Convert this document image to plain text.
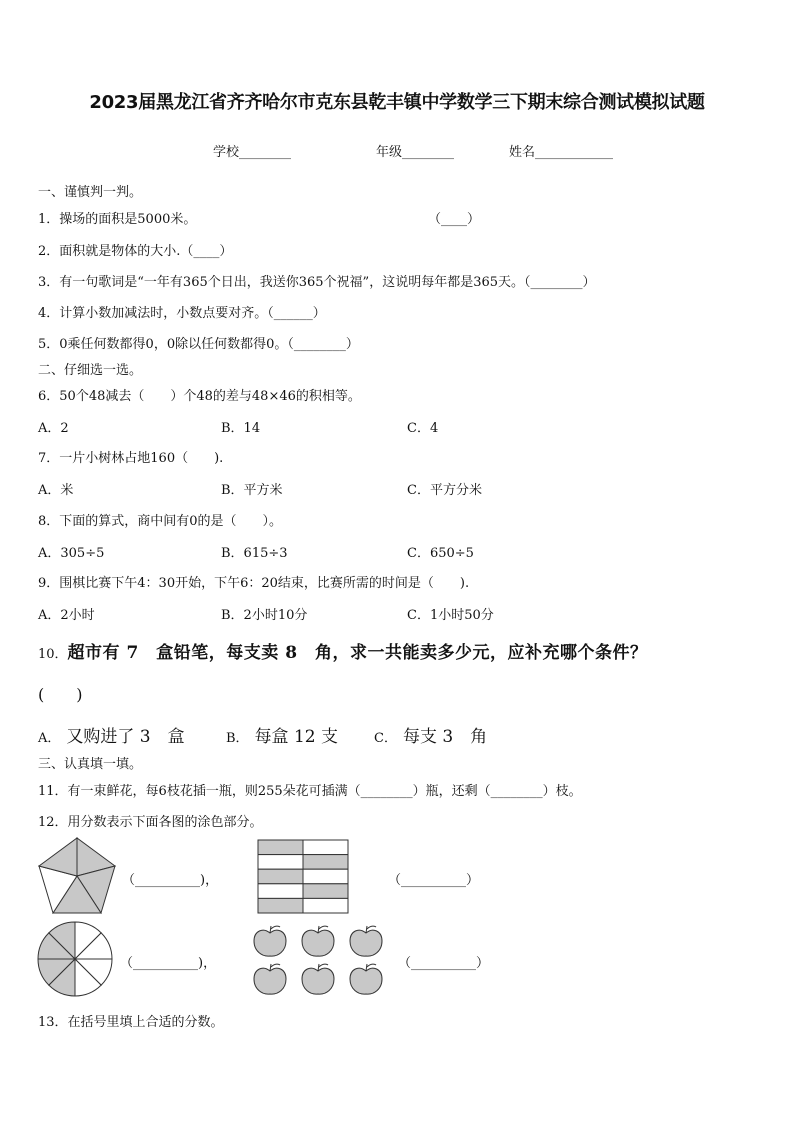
2023届黑龙江省齐齐哈尔市克东县乾丰镇中学数学三下期末综合测试模拟试题
学校________	年级________	姓名____________
一、谨慎判一判。
1．操场的面积是5000米。	（____）
2．面积就是物体的大小.（____）
3．有一句歌词是“一年有365个日出，我送你365个祝福”，这说明每年都是365天。（________）
4．计算小数加减法时，小数点要对齐。（______）
5．0乘任何数都得0，0除以任何数都得0。（________）
二、仔细选一选。
6．50个48减去（　　）个48的差与48×46的积相等。
A．2	B．14	C．4
7．一片小树林占地160（　　).
A．米	B．平方米	C．平方分米
8．下面的算式，商中间有0的是（　　）。
A．305÷5	B．615÷3	C．650÷5
9．围棋比赛下午4：30开始，下午6：20结束，比赛所需的时间是（　　).
A．2小时	B．2小时10分	C．1小时50分
10．超市有 7　盒铅笔，每支卖 8　角，求一共能卖多少元，应补充哪个条件？
(　　)
A． 又购进了 3　盒	B． 每盒 12 支	C． 每支 3　角
三、认真填一填。
11．有一束鲜花，每6枝花插一瓶，则255朵花可插满（________）瓶，还剩（________）枝。
12．用分数表示下面各图的涂色部分。
（__________)，	（__________）
（__________)，	（__________）
13．在括号里填上合适的分数。
